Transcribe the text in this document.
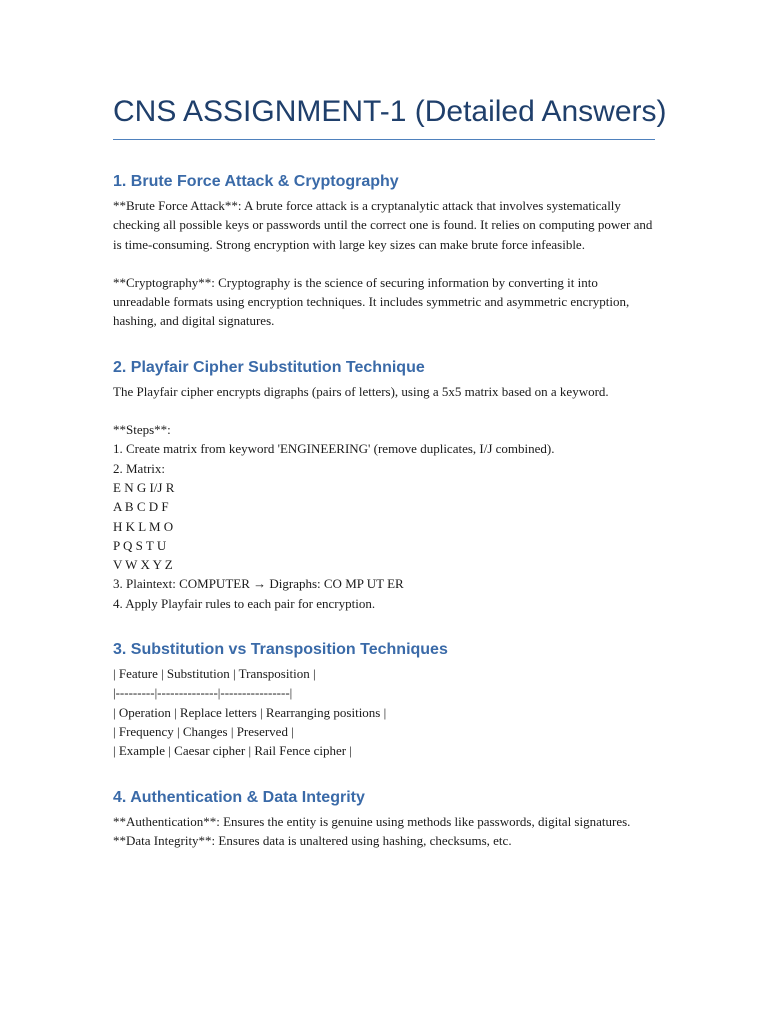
CNS ASSIGNMENT-1 (Detailed Answers)
1. Brute Force Attack & Cryptography

**Brute Force Attack**: A brute force attack is a cryptanalytic attack that involves systematically checking all possible keys or passwords until the correct one is found. It relies on computing power and is time-consuming. Strong encryption with large key sizes can make brute force infeasible.

**Cryptography**: Cryptography is the science of securing information by converting it into unreadable formats using encryption techniques. It includes symmetric and asymmetric encryption, hashing, and digital signatures.

2. Playfair Cipher Substitution Technique

The Playfair cipher encrypts digraphs (pairs of letters), using a 5x5 matrix based on a keyword.

**Steps**:
1. Create matrix from keyword 'ENGINEERING' (remove duplicates, I/J combined).
2. Matrix:
E N G I/J R
A B C D F
H K L M O
P Q S T U
V W X Y Z
3. Plaintext: COMPUTER → Digraphs: CO MP UT ER
4. Apply Playfair rules to each pair for encryption.
3. Substitution vs Transposition Techniques
| Feature | Substitution | Transposition |
|---------|--------------|----------------|
| Operation | Replace letters | Rearranging positions |
| Frequency | Changes | Preserved |
| Example | Caesar cipher | Rail Fence cipher |
4. Authentication & Data Integrity

**Authentication**: Ensures the entity is genuine using methods like passwords, digital signatures.

**Data Integrity**: Ensures data is unaltered using hashing, checksums, etc.
